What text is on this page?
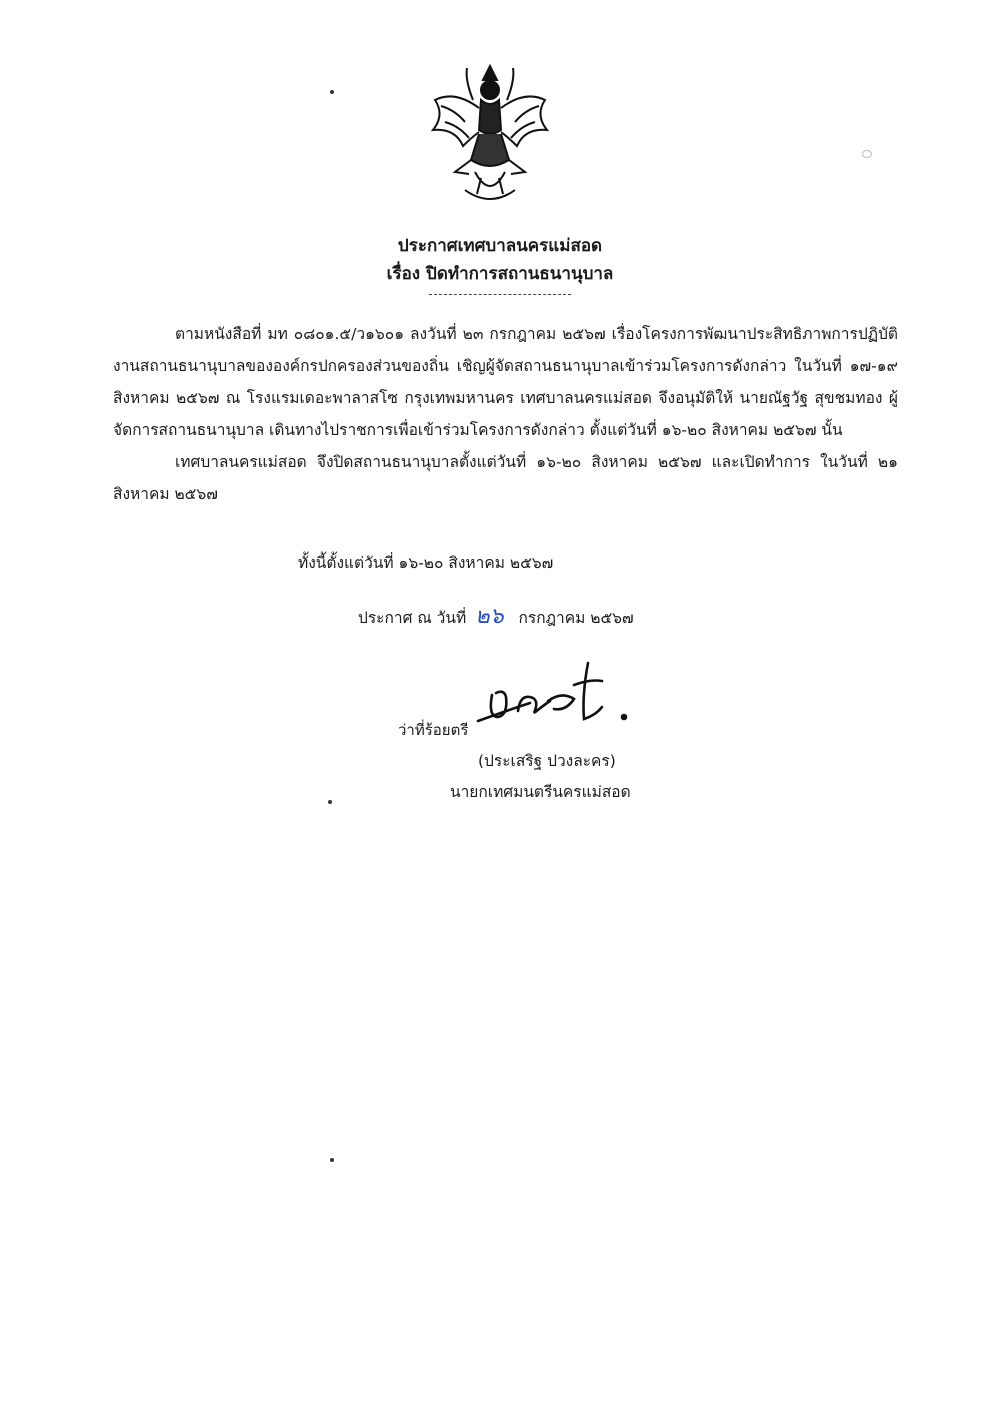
ประกาศเทศบาลนครแม่สอด
เรื่อง ปิดทำการสถานธนานุบาล

ตามหนังสือที่ มท ๐๘๐๑.๕/ว๑๖๐๑ ลงวันที่ ๒๓ กรกฎาคม ๒๕๖๗ เรื่องโครงการพัฒนาประสิทธิภาพการปฏิบัติงานสถานธนานุบาลขององค์กรปกครองส่วนของถิ่น เชิญผู้จัดสถานธนานุบาลเข้าร่วมโครงการดังกล่าว ในวันที่ ๑๗-๑๙ สิงหาคม ๒๕๖๗ ณ โรงแรมเดอะพาลาสโซ กรุงเทพมหานคร เทศบาลนครแม่สอด จึงอนุมัติให้ นายณัฐวัฐ สุขชมทอง ผู้จัดการสถานธนานุบาล เดินทางไปราชการเพื่อเข้าร่วมโครงการดังกล่าว ตั้งแต่วันที่ ๑๖-๒๐ สิงหาคม ๒๕๖๗ นั้น

เทศบาลนครแม่สอด จึงปิดสถานธนานุบาลตั้งแต่วันที่ ๑๖-๒๐ สิงหาคม ๒๕๖๗ และเปิดทำการ ในวันที่ ๒๑ สิงหาคม ๒๕๖๗

ทั้งนี้ตั้งแต่วันที่ ๑๖-๒๐ สิงหาคม ๒๕๖๗
ประกาศ ณ วันที่ ๒๖ กรกฎาคม ๒๕๖๗
ว่าที่ร้อยตรี
(ประเสริฐ ปวงละคร)
นายกเทศมนตรีนครแม่สอด
